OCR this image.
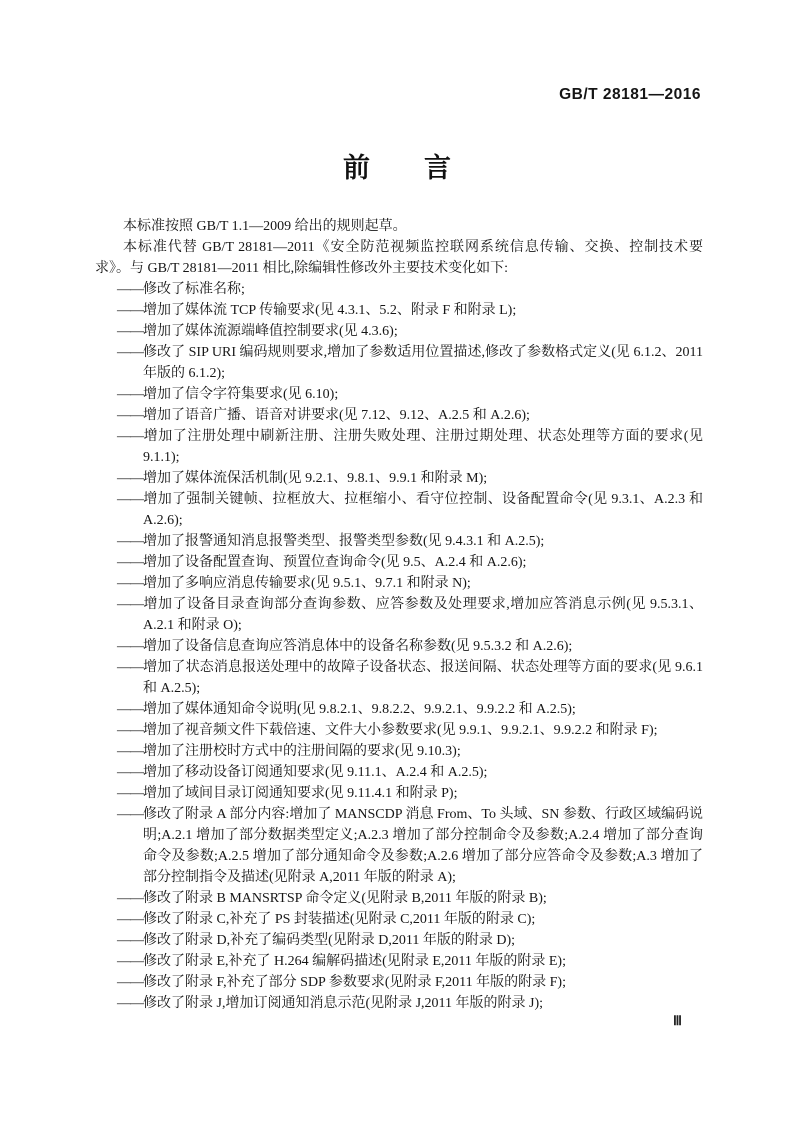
GB/T 28181—2016
前　　言

本标准按照 GB/T 1.1—2009 给出的规则起草。

本标准代替 GB/T 28181—2011《安全防范视频监控联网系统信息传输、交换、控制技术要求》。与 GB/T 28181—2011 相比,除编辑性修改外主要技术变化如下:

——修改了标准名称;
——增加了媒体流 TCP 传输要求(见 4.3.1、5.2、附录 F 和附录 L);
——增加了媒体流源端峰值控制要求(见 4.3.6);
——修改了 SIP URI 编码规则要求,增加了参数适用位置描述,修改了参数格式定义(见 6.1.2、2011 年版的 6.1.2);
——增加了信令字符集要求(见 6.10);
——增加了语音广播、语音对讲要求(见 7.12、9.12、A.2.5 和 A.2.6);
——增加了注册处理中刷新注册、注册失败处理、注册过期处理、状态处理等方面的要求(见 9.1.1);
——增加了媒体流保活机制(见 9.2.1、9.8.1、9.9.1 和附录 M);
——增加了强制关键帧、拉框放大、拉框缩小、看守位控制、设备配置命令(见 9.3.1、A.2.3 和 A.2.6);
——增加了报警通知消息报警类型、报警类型参数(见 9.4.3.1 和 A.2.5);
——增加了设备配置查询、预置位查询命令(见 9.5、A.2.4 和 A.2.6);
——增加了多响应消息传输要求(见 9.5.1、9.7.1 和附录 N);
——增加了设备目录查询部分查询参数、应答参数及处理要求,增加应答消息示例(见 9.5.3.1、A.2.1 和附录 O);
——增加了设备信息查询应答消息体中的设备名称参数(见 9.5.3.2 和 A.2.6);
——增加了状态消息报送处理中的故障子设备状态、报送间隔、状态处理等方面的要求(见 9.6.1 和 A.2.5);
——增加了媒体通知命令说明(见 9.8.2.1、9.8.2.2、9.9.2.1、9.9.2.2 和 A.2.5);
——增加了视音频文件下载倍速、文件大小参数要求(见 9.9.1、9.9.2.1、9.9.2.2 和附录 F);
——增加了注册校时方式中的注册间隔的要求(见 9.10.3);
——增加了移动设备订阅通知要求(见 9.11.1、A.2.4 和 A.2.5);
——增加了域间目录订阅通知要求(见 9.11.4.1 和附录 P);
——修改了附录 A 部分内容:增加了 MANSCDP 消息 From、To 头域、SN 参数、行政区域编码说明;A.2.1 增加了部分数据类型定义;A.2.3 增加了部分控制命令及参数;A.2.4 增加了部分查询命令及参数;A.2.5 增加了部分通知命令及参数;A.2.6 增加了部分应答命令及参数;A.3 增加了部分控制指令及描述(见附录 A,2011 年版的附录 A);
——修改了附录 B MANSRTSP 命令定义(见附录 B,2011 年版的附录 B);
——修改了附录 C,补充了 PS 封装描述(见附录 C,2011 年版的附录 C);
——修改了附录 D,补充了编码类型(见附录 D,2011 年版的附录 D);
——修改了附录 E,补充了 H.264 编解码描述(见附录 E,2011 年版的附录 E);
——修改了附录 F,补充了部分 SDP 参数要求(见附录 F,2011 年版的附录 F);
——修改了附录 J,增加订阅通知消息示范(见附录 J,2011 年版的附录 J);
Ⅲ
